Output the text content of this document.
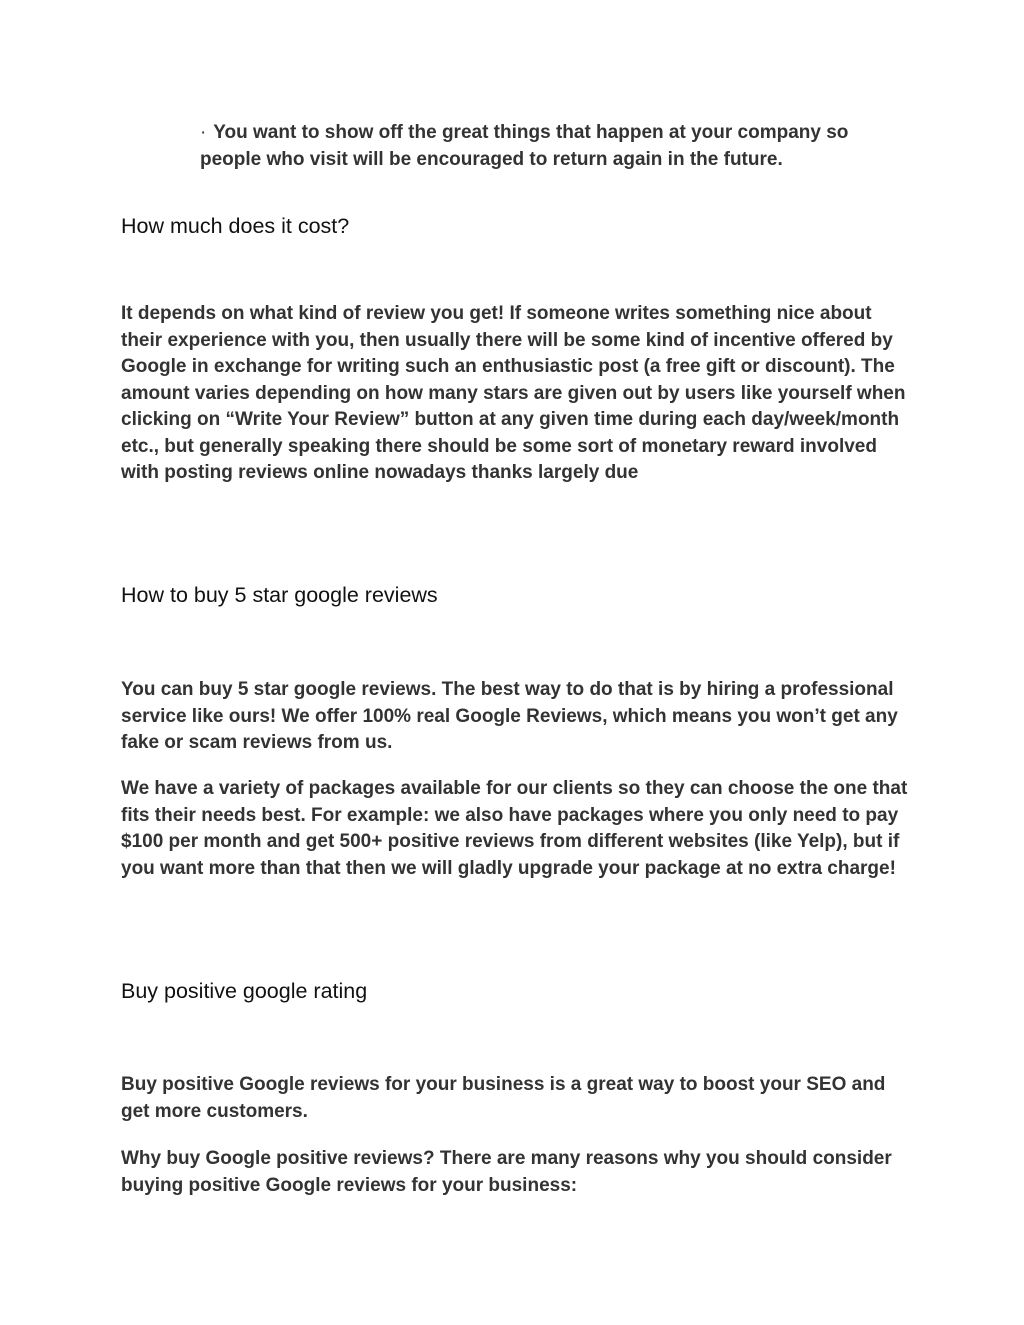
· You want to show off the great things that happen at your company so people who visit will be encouraged to return again in the future.
How much does it cost?

It depends on what kind of review you get! If someone writes something nice about their experience with you, then usually there will be some kind of incentive offered by Google in exchange for writing such an enthusiastic post (a free gift or discount). The amount varies depending on how many stars are given out by users like yourself when clicking on “Write Your Review” button at any given time during each day/week/month etc., but generally speaking there should be some sort of monetary reward involved with posting reviews online nowadays thanks largely due

How to buy 5 star google reviews

You can buy 5 star google reviews. The best way to do that is by hiring a professional service like ours! We offer 100% real Google Reviews, which means you won’t get any fake or scam reviews from us.

We have a variety of packages available for our clients so they can choose the one that fits their needs best. For example: we also have packages where you only need to pay $100 per month and get 500+ positive reviews from different websites (like Yelp), but if you want more than that then we will gladly upgrade your package at no extra charge!

Buy positive google rating

Buy positive Google reviews for your business is a great way to boost your SEO and get more customers.

Why buy Google positive reviews? There are many reasons why you should consider buying positive Google reviews for your business:
